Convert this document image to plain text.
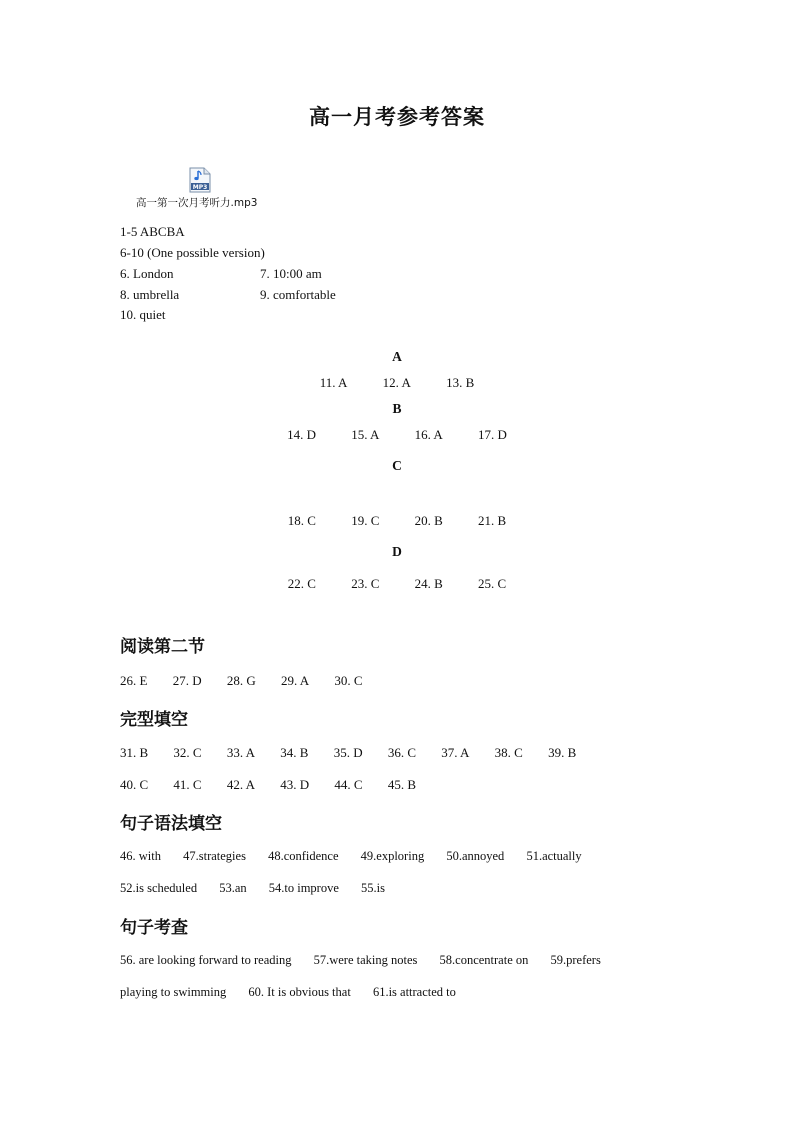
高一月考参考答案
MP3
高一第一次月考听力.mp3
1-5 ABCBA
6-10 (One possible version)
6. London	7. 10:00 am
8. umbrella	9. comfortable
10. quiet
A
11. A	12. A	13. B
B
14. D	15. A	16. A	17. D
C
18. C	19. C	20. B	21. B
D
22. C	23. C	24. B	25. C
阅读第二节
26. E 27. D 28. G 29. A 30. C
完型填空
31. B 32. C 33. A 34. B 35. D 36. C 37. A 38. C 39. B
40. C 41. C 42. A 43. D 44. C 45. B
句子语法填空
46. with 47.strategies 48.confidence 49.exploring 50.annoyed 51.actually
52.is scheduled 53.an 54.to improve 55.is
句子考查
56. are looking forward to reading 57.were taking notes 58.concentrate on 59.prefers
playing to swimming 60. It is obvious that 61.is attracted to
